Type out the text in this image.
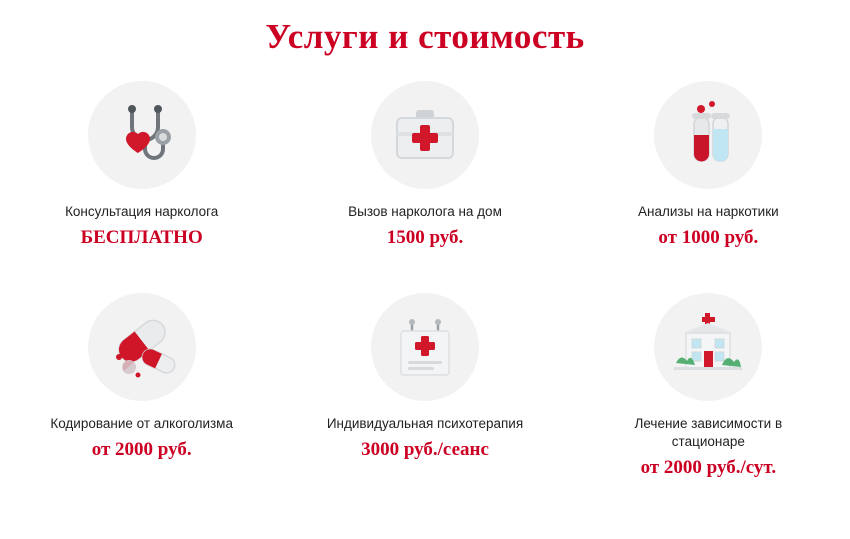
Услуги и стоимость
Консультация нарколога
БЕСПЛАТНО
Вызов нарколога на дом
1500 руб.
Анализы на наркотики
от 1000 руб.
Кодирование от алкоголизма
от 2000 руб.
Индивидуальная психотерапия
3000 руб./сеанс
Лечение зависимости в стационаре
от 2000 руб./сут.
